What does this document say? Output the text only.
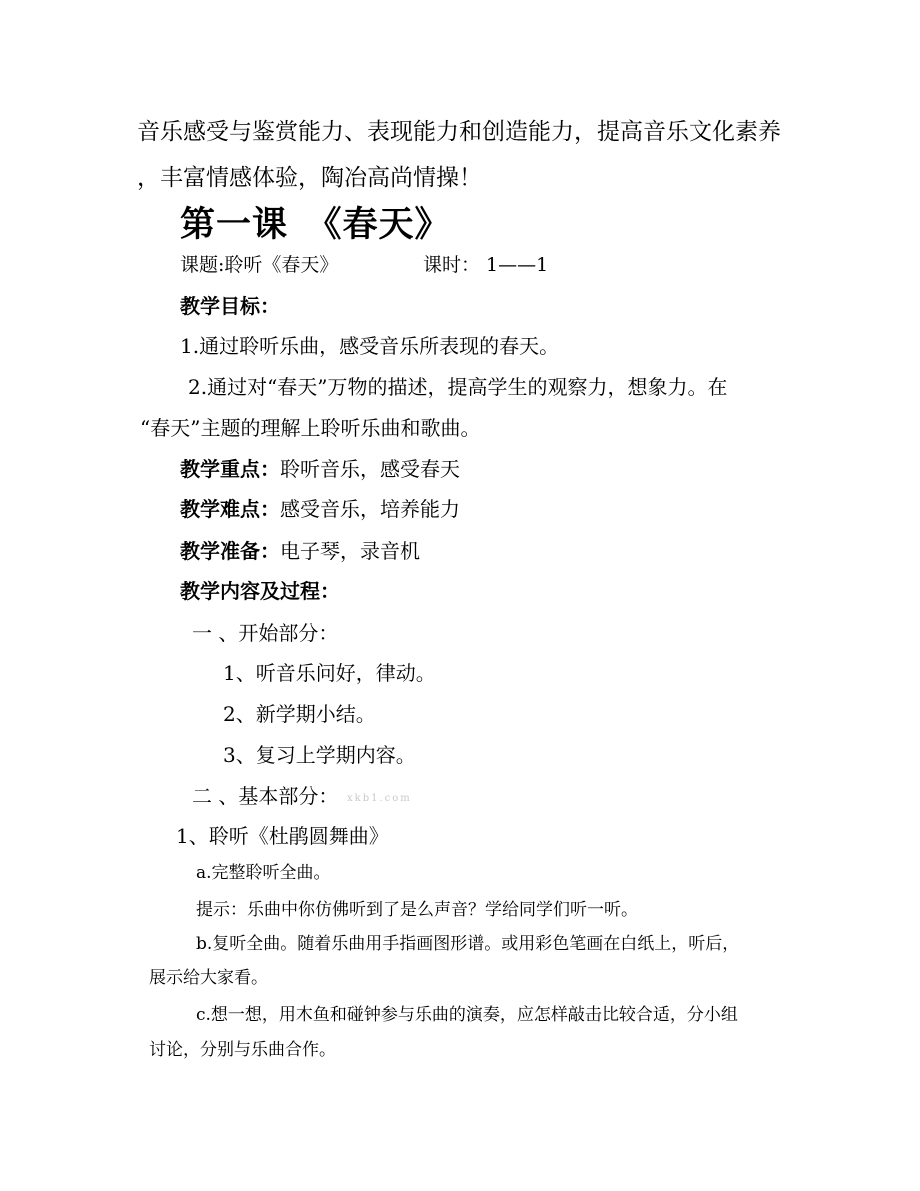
音乐感受与鉴赏能力、表现能力和创造能力，提高音乐文化素养
，丰富情感体验，陶冶高尚情操！
第一课　《春天》
课题:聆听《春天》	课时： 1——1
教学目标：
1.通过聆听乐曲，感受音乐所表现的春天。
2.通过对“春天”万物的描述，提高学生的观察力，想象力。在
“春天”主题的理解上聆听乐曲和歌曲。
教学重点：聆听音乐，感受春天
教学难点：感受音乐，培养能力
教学准备：电子琴，录音机
教学内容及过程：
一 、开始部分：
1、听音乐问好，律动。
2、新学期小结。
3、复习上学期内容。
二 、基本部分： xkb1.com
1、聆听《杜鹃圆舞曲》
a.完整聆听全曲。
提示：乐曲中你仿佛听到了是么声音？学给同学们听一听。
b.复听全曲。随着乐曲用手指画图形谱。或用彩色笔画在白纸上，听后，
展示给大家看。
c.想一想，用木鱼和碰钟参与乐曲的演奏，应怎样敲击比较合适，分小组
讨论，分别与乐曲合作。
